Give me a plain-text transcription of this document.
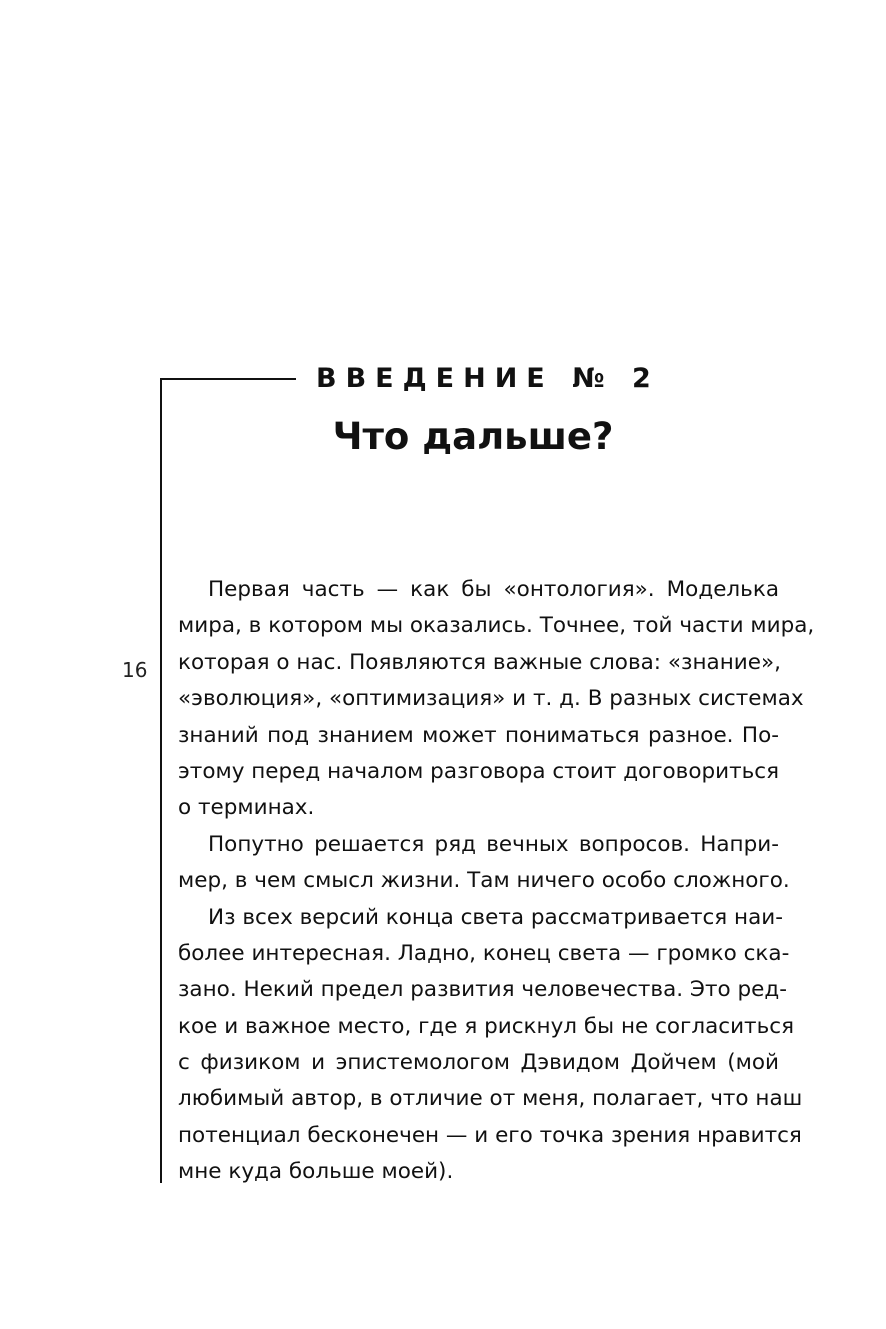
ВВЕДЕНИЕ № 2
Что дальше?
16

Первая часть — как бы «онтология». Моделька
мира, в котором мы оказались. Точнее, той части мира,
которая о нас. Появляются важные слова: «знание»,
«эволюция», «оптимизация» и т. д. В разных системах
знаний под знанием может пониматься разное. По-
этому перед началом разговора стоит договориться
о терминах.

Попутно решается ряд вечных вопросов. Напри-
мер, в чем смысл жизни. Там ничего особо сложного.

Из всех версий конца света рассматривается наи-
более интересная. Ладно, конец света — громко ска-
зано. Некий предел развития человечества. Это ред-
кое и важное место, где я рискнул бы не согласиться
с физиком и эпистемологом Дэвидом Дойчем (мой
любимый автор, в отличие от меня, полагает, что наш
потенциал бесконечен — и его точка зрения нравится
мне куда больше моей).
